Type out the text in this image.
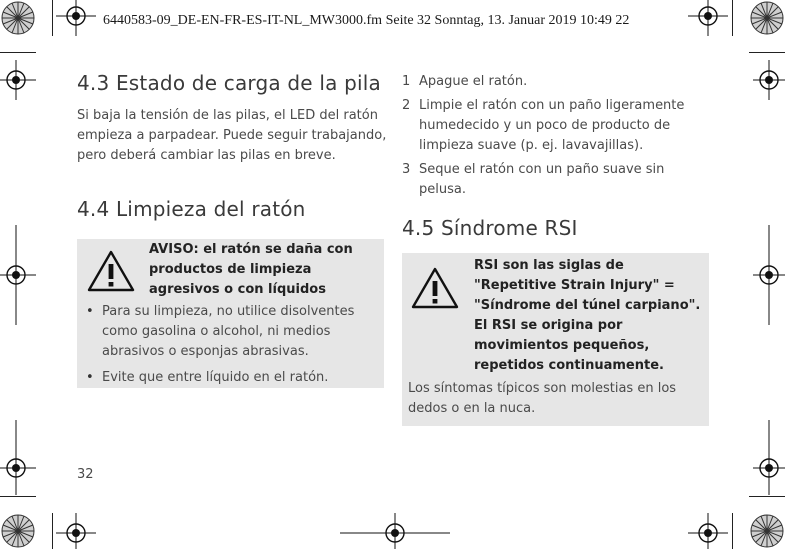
6440583-09_DE-EN-FR-ES-IT-NL_MW3000.fm Seite 32 Sonntag, 13. Januar 2019 10:49 22
4.3 Estado de carga de la pila

Si baja la tensión de las pilas, el LED del ratón empieza a parpadear. Puede seguir trabajando, pero deberá cambiar las pilas en breve.

4.4 Limpieza del ratón
AVISO: el ratón se daña con productos de limpieza agresivos o con líquidos
• Para su limpieza, no utilice disolventes como gasolina o alcohol, ni medios abrasivos o esponjas abrasivas.
• Evite que entre líquido en el ratón.
1 Apague el ratón.
2 Limpie el ratón con un paño ligeramente humedecido y un poco de producto de limpieza suave (p. ej. lavavajillas).
3 Seque el ratón con un paño suave sin pelusa.
4.5 Síndrome RSI
RSI son las siglas de "Repetitive Strain Injury" = "Síndrome del túnel carpiano". El RSI se origina por movimientos pequeños, repetidos continuamente.

Los síntomas típicos son molestias en los dedos o en la nuca.

32
